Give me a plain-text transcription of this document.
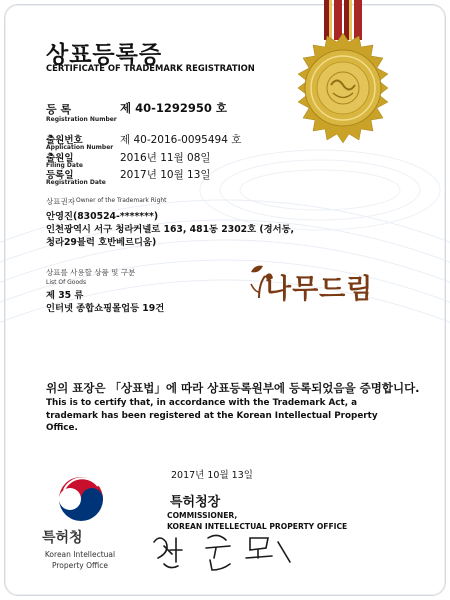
상표등록증
CERTIFICATE OF TRADEMARK REGISTRATION
등 록
Registration Number
제 40-1292950 호
출원번호
Application Number
제 40-2016-0095494 호
출원일
Filing Date
2016년 11월 08일
등록일
Registration Date
2017년 10월 13일
상표권자 Owner of the Trademark Right
안영진(830524-*******)
인천광역시 서구 청라커넬로 163, 481동 2302호 (경서동,
청라29블럭 호반베르디움)
상표를 사용할 상품 및 구분
List Of Goods
제 35 류
인터넷 종합쇼핑몰업등 19건
나무드림
위의 표장은 「상표법」에 따라 상표등록원부에 등록되었음을 증명합니다.
This is to certify that, in accordance with the Trademark Act, a trademark has been registered at the Korean Intellectual Property Office.
2017년 10월 13일
특허청장
COMMISSIONER,
KOREAN INTELLECTUAL PROPERTY OFFICE
특허청
Korean Intellectual Property Office
